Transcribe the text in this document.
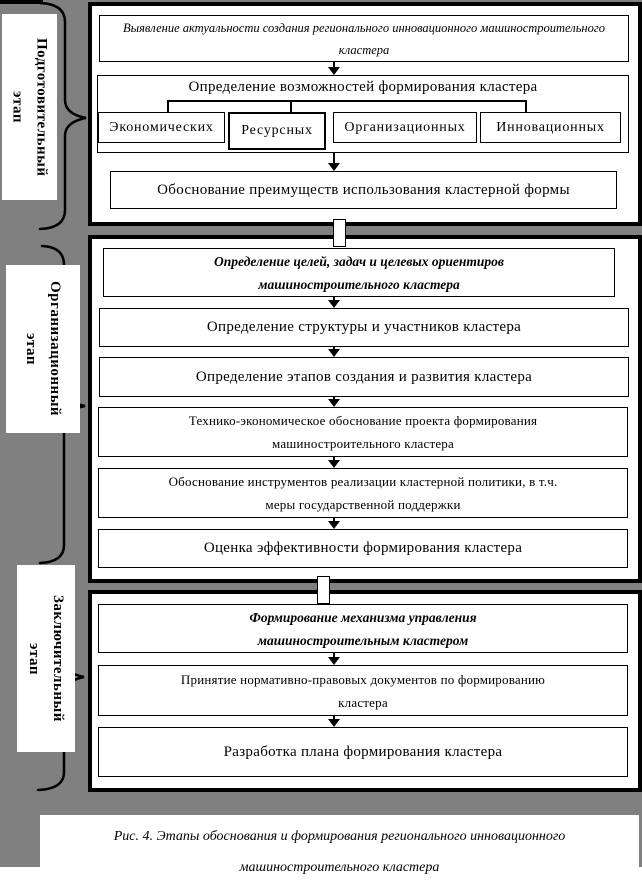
Подготовительный
этап
Организационный
этап
Заключительный
этап
Выявление актуальности создания регионального инновационного машиностроительного
кластера
Определение возможностей формирования кластера
Экономических Ресурсных Организационных Инновационных
Обоснование преимуществ использования кластерной формы
Определение целей, задач и целевых ориентиров
машиностроительного кластера
Определение структуры и участников кластера
Определение этапов создания и развития кластера
Технико-экономическое обоснование проекта формирования
машиностроительного кластера
Обоснование инструментов реализации кластерной политики, в т.ч.
меры государственной поддержки
Оценка эффективности формирования кластера
Формирование механизма управления
машиностроительным кластером
Принятие нормативно-правовых документов по формированию
кластера
Разработка плана формирования кластера
Рис. 4. Этапы обоснования и формирования регионального инновационного
машиностроительного кластера
